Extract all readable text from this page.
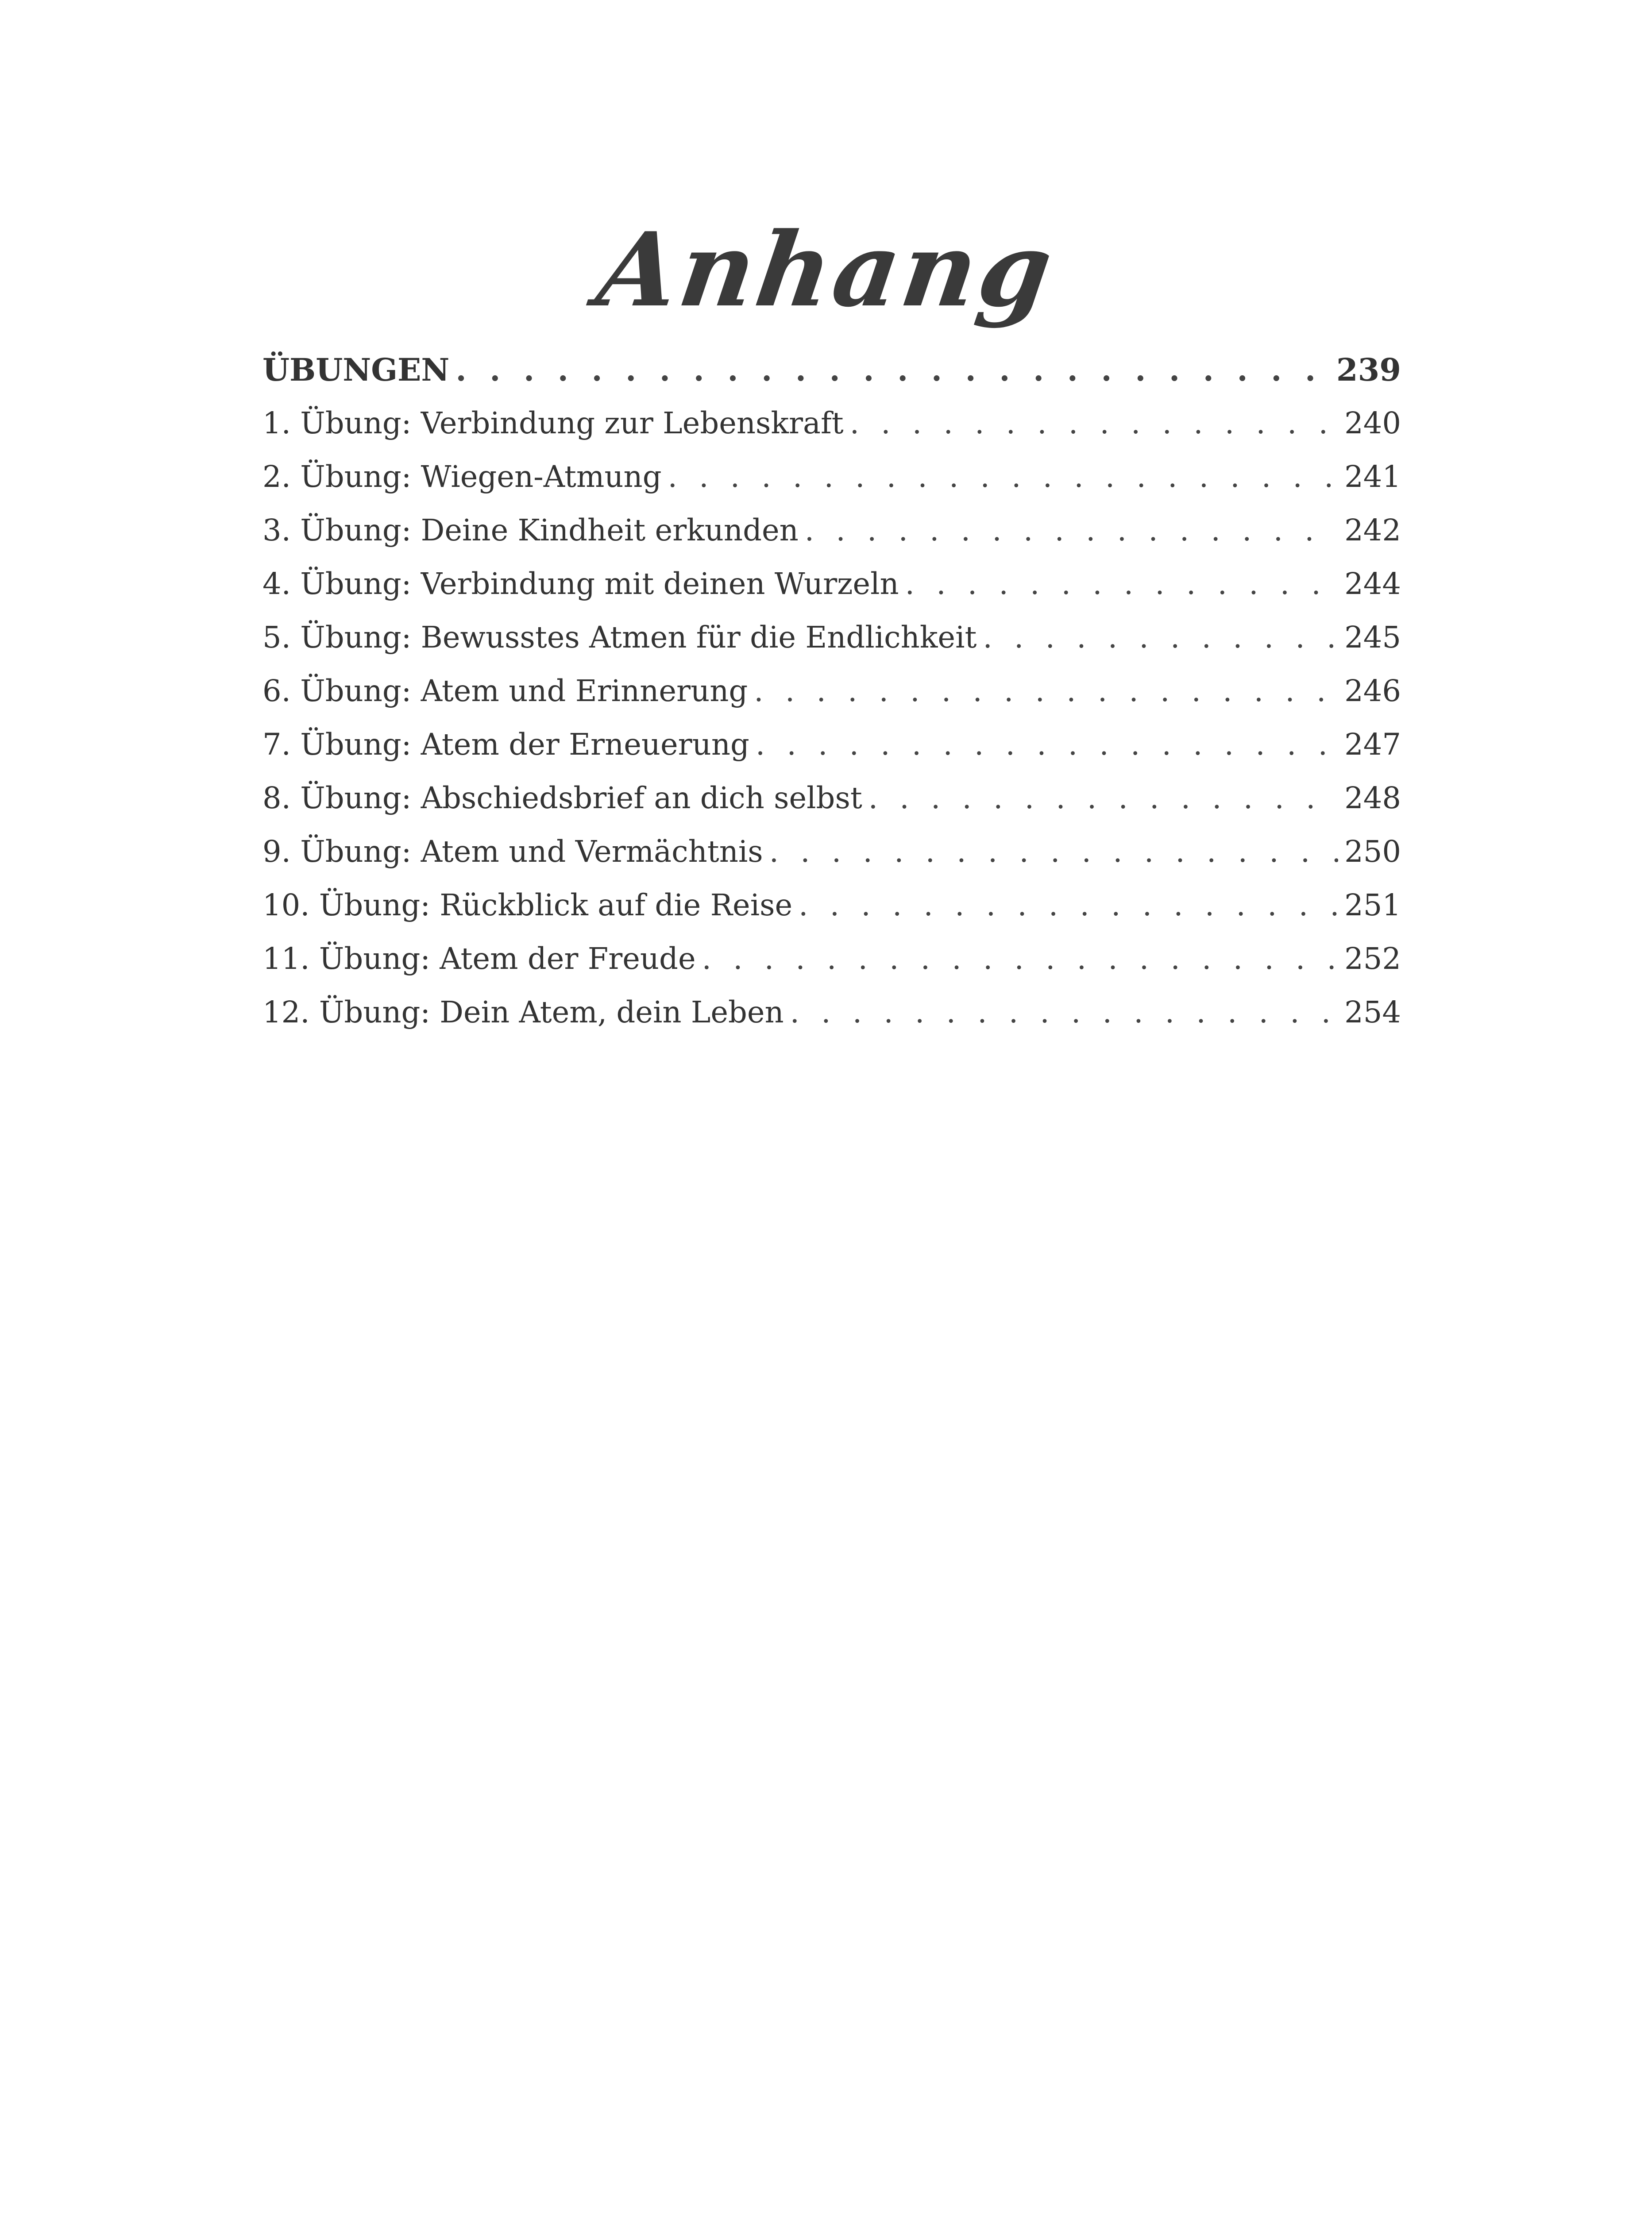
Anhang
ÜBUNGEN . . .	239
1. Übung: Verbindung zur Lebenskraft . . .	240
2. Übung: Wiegen-Atmung . . .	241
3. Übung: Deine Kindheit erkunden . . .	242
4. Übung: Verbindung mit deinen Wurzeln . . .	244
5. Übung: Bewusstes Atmen für die Endlichkeit . . .	245
6. Übung: Atem und Erinnerung . . .	246
7. Übung: Atem der Erneuerung . . .	247
8. Übung: Abschiedsbrief an dich selbst . . .	248
9. Übung: Atem und Vermächtnis . . .	250
10. Übung: Rückblick auf die Reise . . .	251
11. Übung: Atem der Freude . . .	252
12. Übung: Dein Atem, dein Leben . . .	254
